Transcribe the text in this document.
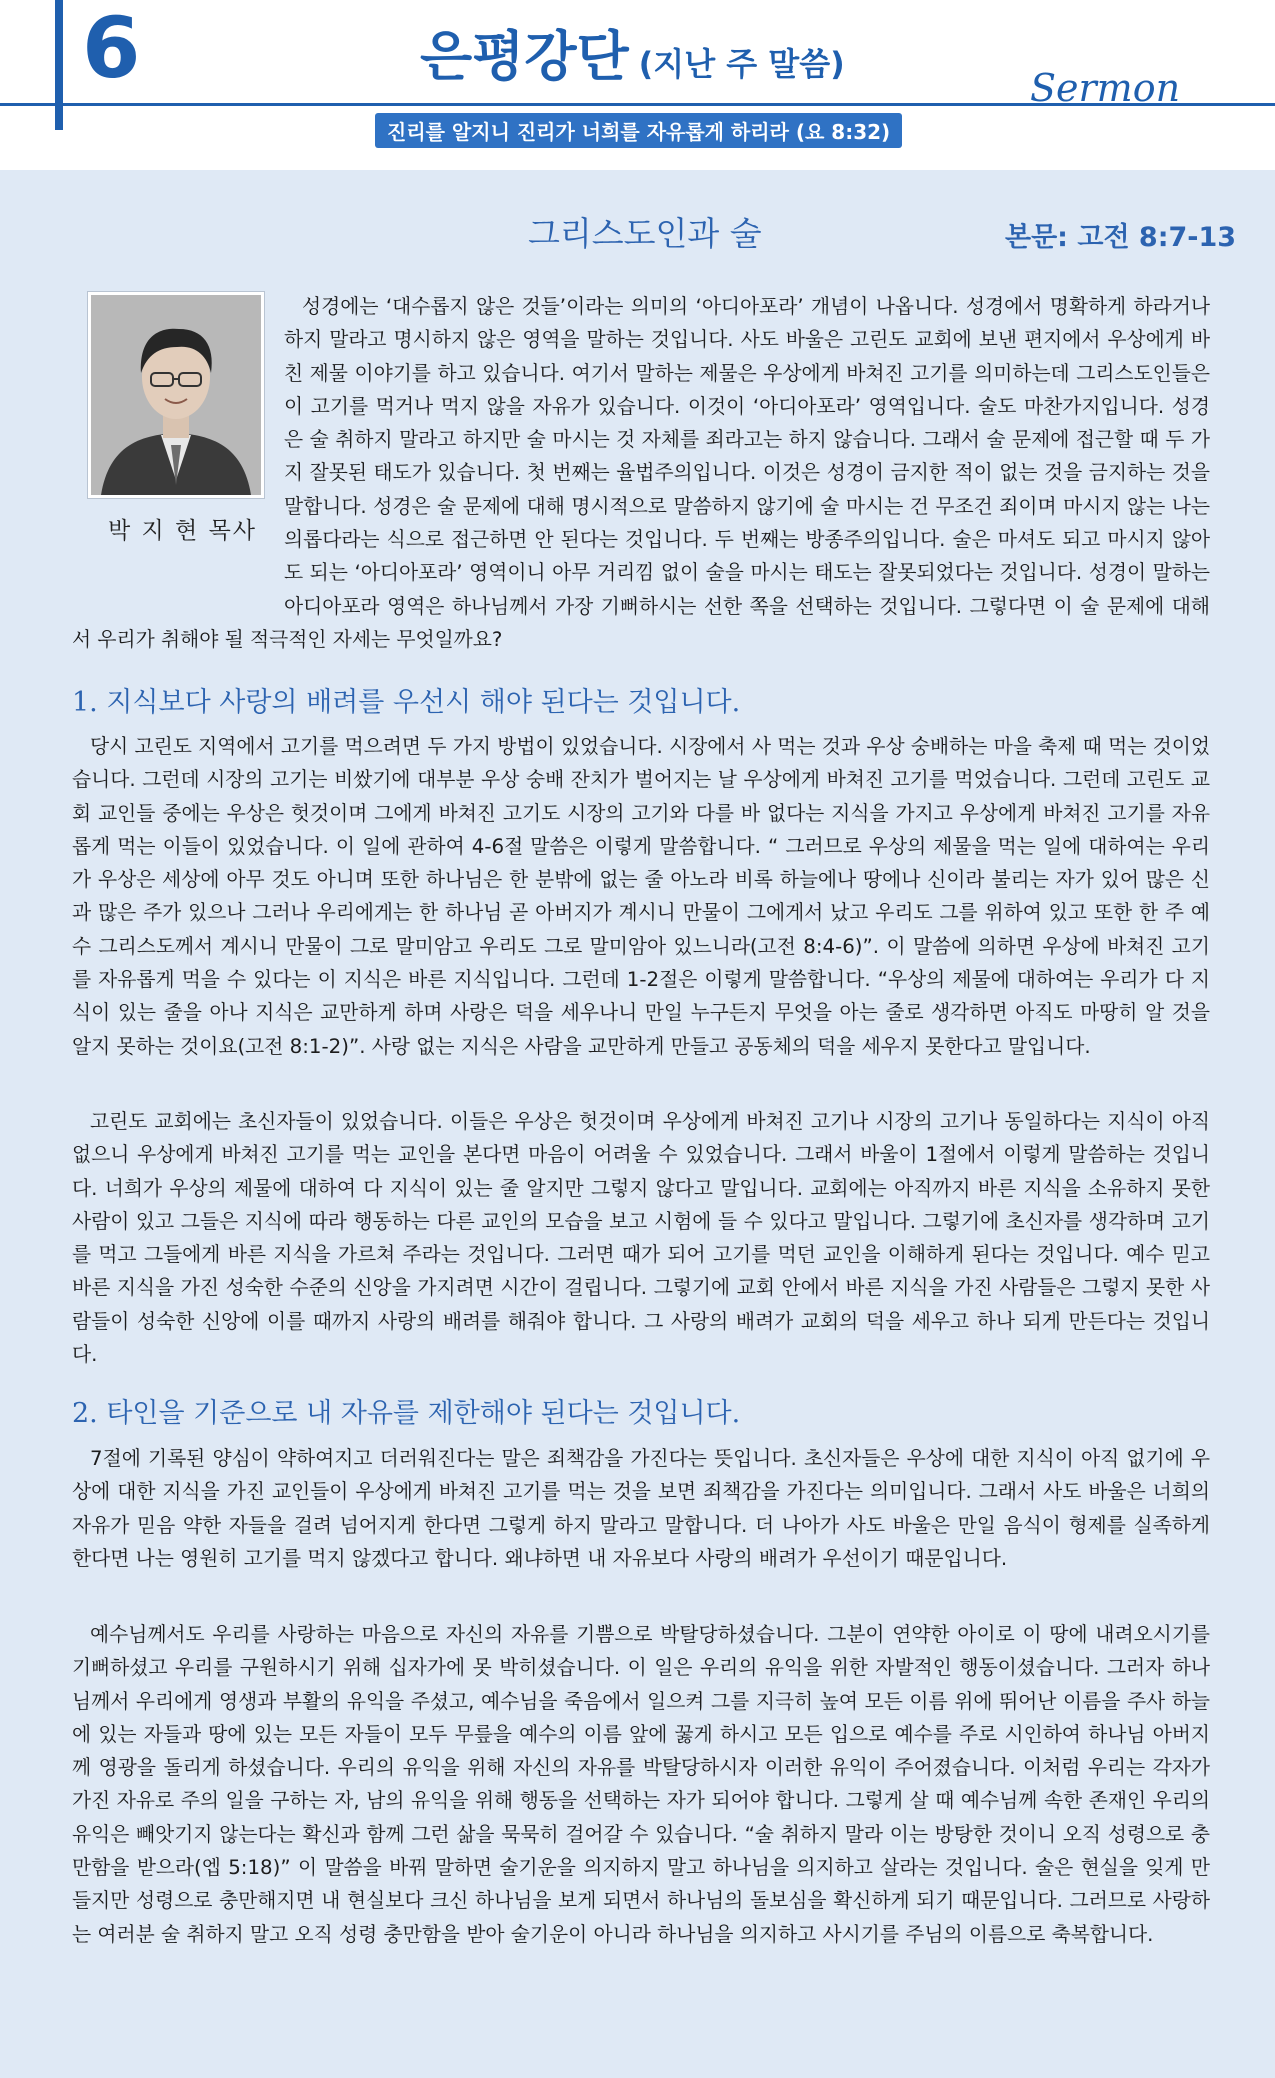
6	은평강단 (지난 주 말씀)
Sermon
진리를 알지니 진리가 너희를 자유롭게 하리라 (요 8:32)
그리스도인과 술	본문: 고전 8:7-13
박 지 현 목사
성경에는 ‘대수롭지 않은 것들’이라는 의미의 ‘아디아포라’ 개념이 나옵니다. 성경에서 명확하게 하라거나 하지 말라고 명시하지 않은 영역을 말하는 것입니다. 사도 바울은 고린도 교회에 보낸 편지에서 우상에게 바친 제물 이야기를 하고 있습니다. 여기서 말하는 제물은 우상에게 바쳐진 고기를 의미하는데 그리스도인들은 이 고기를 먹거나 먹지 않을 자유가 있습니다. 이것이 ‘아디아포라’ 영역입니다. 술도 마찬가지입니다. 성경은 술 취하지 말라고 하지만 술 마시는 것 자체를 죄라고는 하지 않습니다. 그래서 술 문제에 접근할 때 두 가지 잘못된 태도가 있습니다. 첫 번째는 율법주의입니다. 이것은 성경이 금지한 적이 없는 것을 금지하는 것을 말합니다. 성경은 술 문제에 대해 명시적으로 말씀하지 않기에 술 마시는 건 무조건 죄이며 마시지 않는 나는 의롭다라는 식으로 접근하면 안 된다는 것입니다. 두 번째는 방종주의입니다. 술은 마셔도 되고 마시지 않아도 되는 ‘아디아포라’ 영역이니 아무 거리낌 없이 술을 마시는 태도는 잘못되었다는 것입니다. 성경이 말하는 아디아포라 영역은 하나님께서 가장 기뻐하시는 선한 쪽을 선택하는 것입니다. 그렇다면 이 술 문제에 대해서 우리가 취해야 될 적극적인 자세는 무엇일까요?
1. 지식보다 사랑의 배려를 우선시 해야 된다는 것입니다.
당시 고린도 지역에서 고기를 먹으려면 두 가지 방법이 있었습니다. 시장에서 사 먹는 것과 우상 숭배하는 마을 축제 때 먹는 것이었습니다. 그런데 시장의 고기는 비쌌기에 대부분 우상 숭배 잔치가 벌어지는 날 우상에게 바쳐진 고기를 먹었습니다. 그런데 고린도 교회 교인들 중에는 우상은 헛것이며 그에게 바쳐진 고기도 시장의 고기와 다를 바 없다는 지식을 가지고 우상에게 바쳐진 고기를 자유롭게 먹는 이들이 있었습니다. 이 일에 관하여 4-6절 말씀은 이렇게 말씀합니다. “ 그러므로 우상의 제물을 먹는 일에 대하여는 우리가 우상은 세상에 아무 것도 아니며 또한 하나님은 한 분밖에 없는 줄 아노라 비록 하늘에나 땅에나 신이라 불리는 자가 있어 많은 신과 많은 주가 있으나 그러나 우리에게는 한 하나님 곧 아버지가 계시니 만물이 그에게서 났고 우리도 그를 위하여 있고 또한 한 주 예수 그리스도께서 계시니 만물이 그로 말미암고 우리도 그로 말미암아 있느니라(고전 8:4-6)”. 이 말씀에 의하면 우상에 바쳐진 고기를 자유롭게 먹을 수 있다는 이 지식은 바른 지식입니다. 그런데 1-2절은 이렇게 말씀합니다. “우상의 제물에 대하여는 우리가 다 지식이 있는 줄을 아나 지식은 교만하게 하며 사랑은 덕을 세우나니 만일 누구든지 무엇을 아는 줄로 생각하면 아직도 마땅히 알 것을 알지 못하는 것이요(고전 8:1-2)”. 사랑 없는 지식은 사람을 교만하게 만들고 공동체의 덕을 세우지 못한다고 말입니다.
고린도 교회에는 초신자들이 있었습니다. 이들은 우상은 헛것이며 우상에게 바쳐진 고기나 시장의 고기나 동일하다는 지식이 아직 없으니 우상에게 바쳐진 고기를 먹는 교인을 본다면 마음이 어려울 수 있었습니다. 그래서 바울이 1절에서 이렇게 말씀하는 것입니다. 너희가 우상의 제물에 대하여 다 지식이 있는 줄 알지만 그렇지 않다고 말입니다. 교회에는 아직까지 바른 지식을 소유하지 못한 사람이 있고 그들은 지식에 따라 행동하는 다른 교인의 모습을 보고 시험에 들 수 있다고 말입니다. 그렇기에 초신자를 생각하며 고기를 먹고 그들에게 바른 지식을 가르쳐 주라는 것입니다. 그러면 때가 되어 고기를 먹던 교인을 이해하게 된다는 것입니다. 예수 믿고 바른 지식을 가진 성숙한 수준의 신앙을 가지려면 시간이 걸립니다. 그렇기에 교회 안에서 바른 지식을 가진 사람들은 그렇지 못한 사람들이 성숙한 신앙에 이를 때까지 사랑의 배려를 해줘야 합니다. 그 사랑의 배려가 교회의 덕을 세우고 하나 되게 만든다는 것입니다.
2. 타인을 기준으로 내 자유를 제한해야 된다는 것입니다.
7절에 기록된 양심이 약하여지고 더러워진다는 말은 죄책감을 가진다는 뜻입니다. 초신자들은 우상에 대한 지식이 아직 없기에 우상에 대한 지식을 가진 교인들이 우상에게 바쳐진 고기를 먹는 것을 보면 죄책감을 가진다는 의미입니다. 그래서 사도 바울은 너희의 자유가 믿음 약한 자들을 걸려 넘어지게 한다면 그렇게 하지 말라고 말합니다. 더 나아가 사도 바울은 만일 음식이 형제를 실족하게 한다면 나는 영원히 고기를 먹지 않겠다고 합니다. 왜냐하면 내 자유보다 사랑의 배려가 우선이기 때문입니다.
예수님께서도 우리를 사랑하는 마음으로 자신의 자유를 기쁨으로 박탈당하셨습니다. 그분이 연약한 아이로 이 땅에 내려오시기를 기뻐하셨고 우리를 구원하시기 위해 십자가에 못 박히셨습니다. 이 일은 우리의 유익을 위한 자발적인 행동이셨습니다. 그러자 하나님께서 우리에게 영생과 부활의 유익을 주셨고, 예수님을 죽음에서 일으켜 그를 지극히 높여 모든 이름 위에 뛰어난 이름을 주사 하늘에 있는 자들과 땅에 있는 모든 자들이 모두 무릎을 예수의 이름 앞에 꿇게 하시고 모든 입으로 예수를 주로 시인하여 하나님 아버지께 영광을 돌리게 하셨습니다. 우리의 유익을 위해 자신의 자유를 박탈당하시자 이러한 유익이 주어졌습니다. 이처럼 우리는 각자가 가진 자유로 주의 일을 구하는 자, 남의 유익을 위해 행동을 선택하는 자가 되어야 합니다. 그렇게 살 때 예수님께 속한 존재인 우리의 유익은 빼앗기지 않는다는 확신과 함께 그런 삶을 묵묵히 걸어갈 수 있습니다. “술 취하지 말라 이는 방탕한 것이니 오직 성령으로 충만함을 받으라(엡 5:18)” 이 말씀을 바꿔 말하면 술기운을 의지하지 말고 하나님을 의지하고 살라는 것입니다. 술은 현실을 잊게 만들지만 성령으로 충만해지면 내 현실보다 크신 하나님을 보게 되면서 하나님의 돌보심을 확신하게 되기 때문입니다. 그러므로 사랑하는 여러분 술 취하지 말고 오직 성령 충만함을 받아 술기운이 아니라 하나님을 의지하고 사시기를 주님의 이름으로 축복합니다.
